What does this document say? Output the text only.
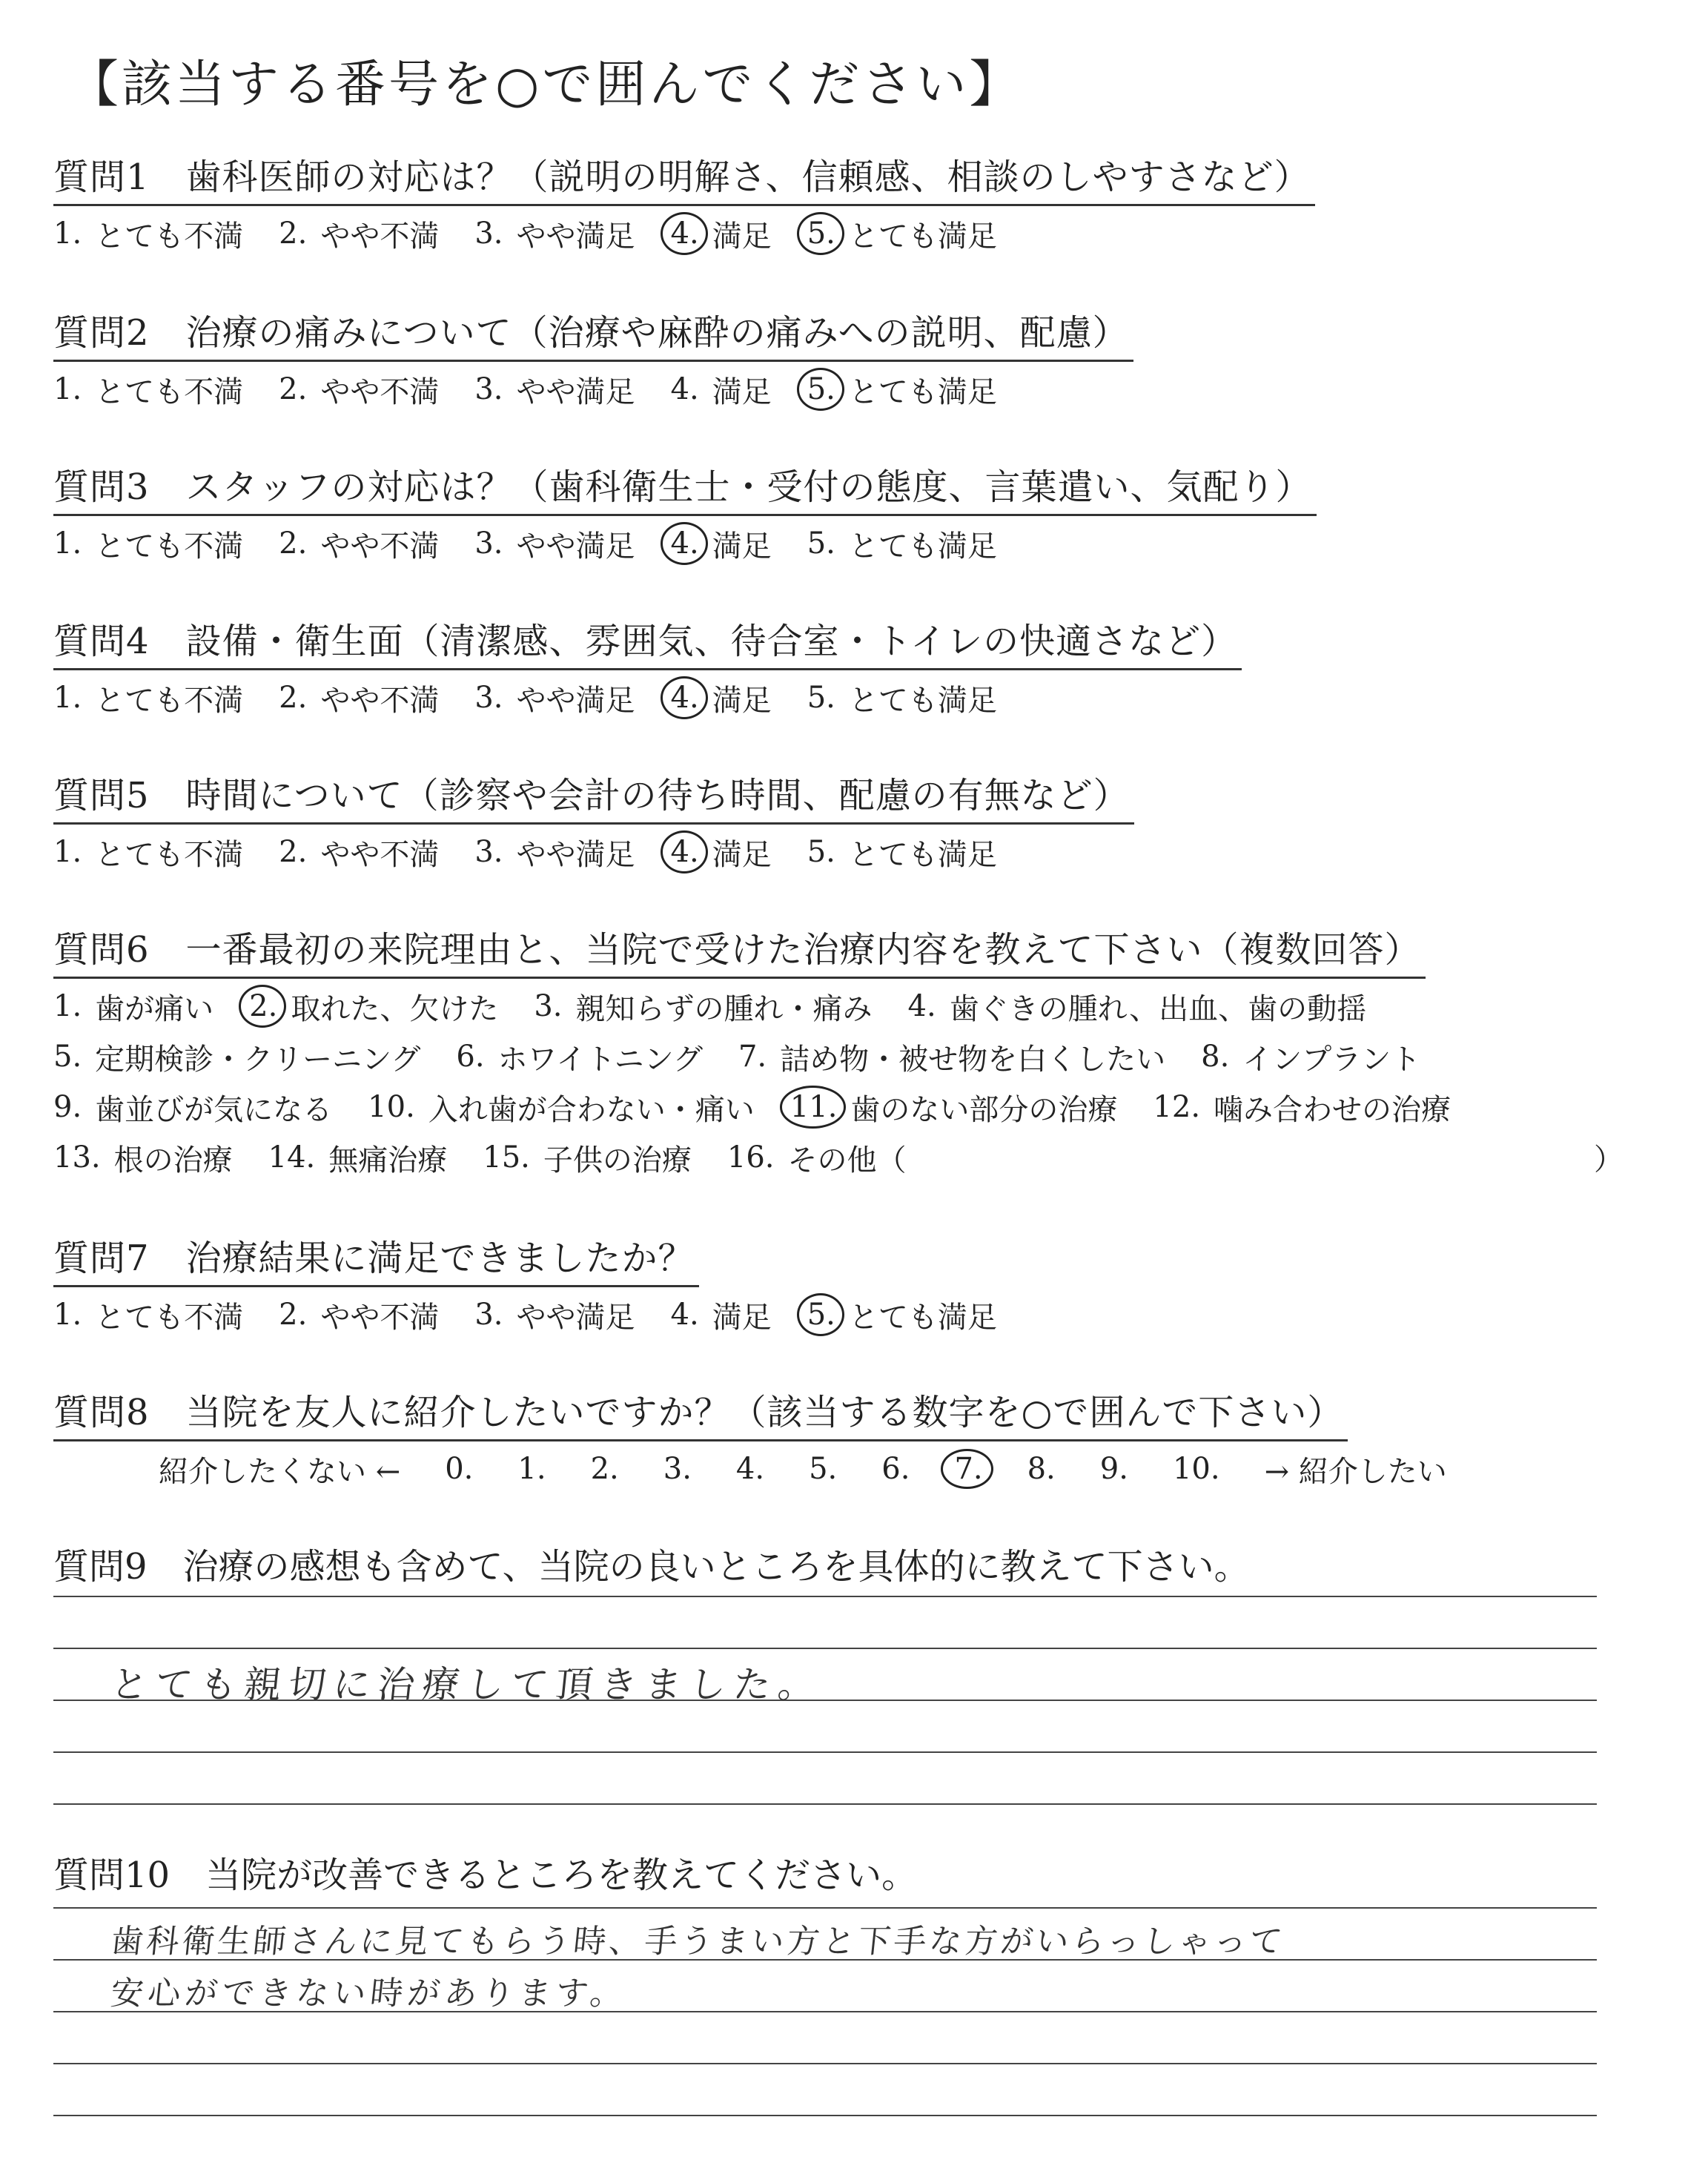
【該当する番号を○で囲んでください】
質問1　歯科医師の対応は？（説明の明解さ、信頼感、相談のしやすさなど）
1. とても不満 2. やや不満 3. やや満足 4. 満足 5. とても満足
質問2　治療の痛みについて（治療や麻酔の痛みへの説明、配慮）
1. とても不満 2. やや不満 3. やや満足 4. 満足 5. とても満足
質問3　スタッフの対応は？（歯科衛生士・受付の態度、言葉遣い、気配り）
1. とても不満 2. やや不満 3. やや満足 4. 満足 5. とても満足
質問4　設備・衛生面（清潔感、雰囲気、待合室・トイレの快適さなど）
1. とても不満 2. やや不満 3. やや満足 4. 満足 5. とても満足
質問5　時間について（診察や会計の待ち時間、配慮の有無など）
1. とても不満 2. やや不満 3. やや満足 4. 満足 5. とても満足
質問6　一番最初の来院理由と、当院で受けた治療内容を教えて下さい（複数回答）
1. 歯が痛い 2. 取れた、欠けた 3. 親知らずの腫れ・痛み 4. 歯ぐきの腫れ、出血、歯の動揺
5. 定期検診・クリーニング 6. ホワイトニング 7. 詰め物・被せ物を白くしたい 8. インプラント
9. 歯並びが気になる 10. 入れ歯が合わない・痛い 11. 歯のない部分の治療 12. 噛み合わせの治療
13. 根の治療 14. 無痛治療 15. 子供の治療 16. その他（	）
質問7　治療結果に満足できましたか？
1. とても不満 2. やや不満 3. やや満足 4. 満足 5. とても満足
質問8　当院を友人に紹介したいですか？（該当する数字を○で囲んで下さい）
紹介したくない ← 0. 1. 2. 3. 4. 5. 6. 7. 8. 9. 10. → 紹介したい
質問9　治療の感想も含めて、当院の良いところを具体的に教えて下さい。
とても親切に治療して頂きました。
質問10　当院が改善できるところを教えてください。
歯科衛生師さんに見てもらう時、手うまい方と下手な方がいらっしゃって
安心ができない時があります。
